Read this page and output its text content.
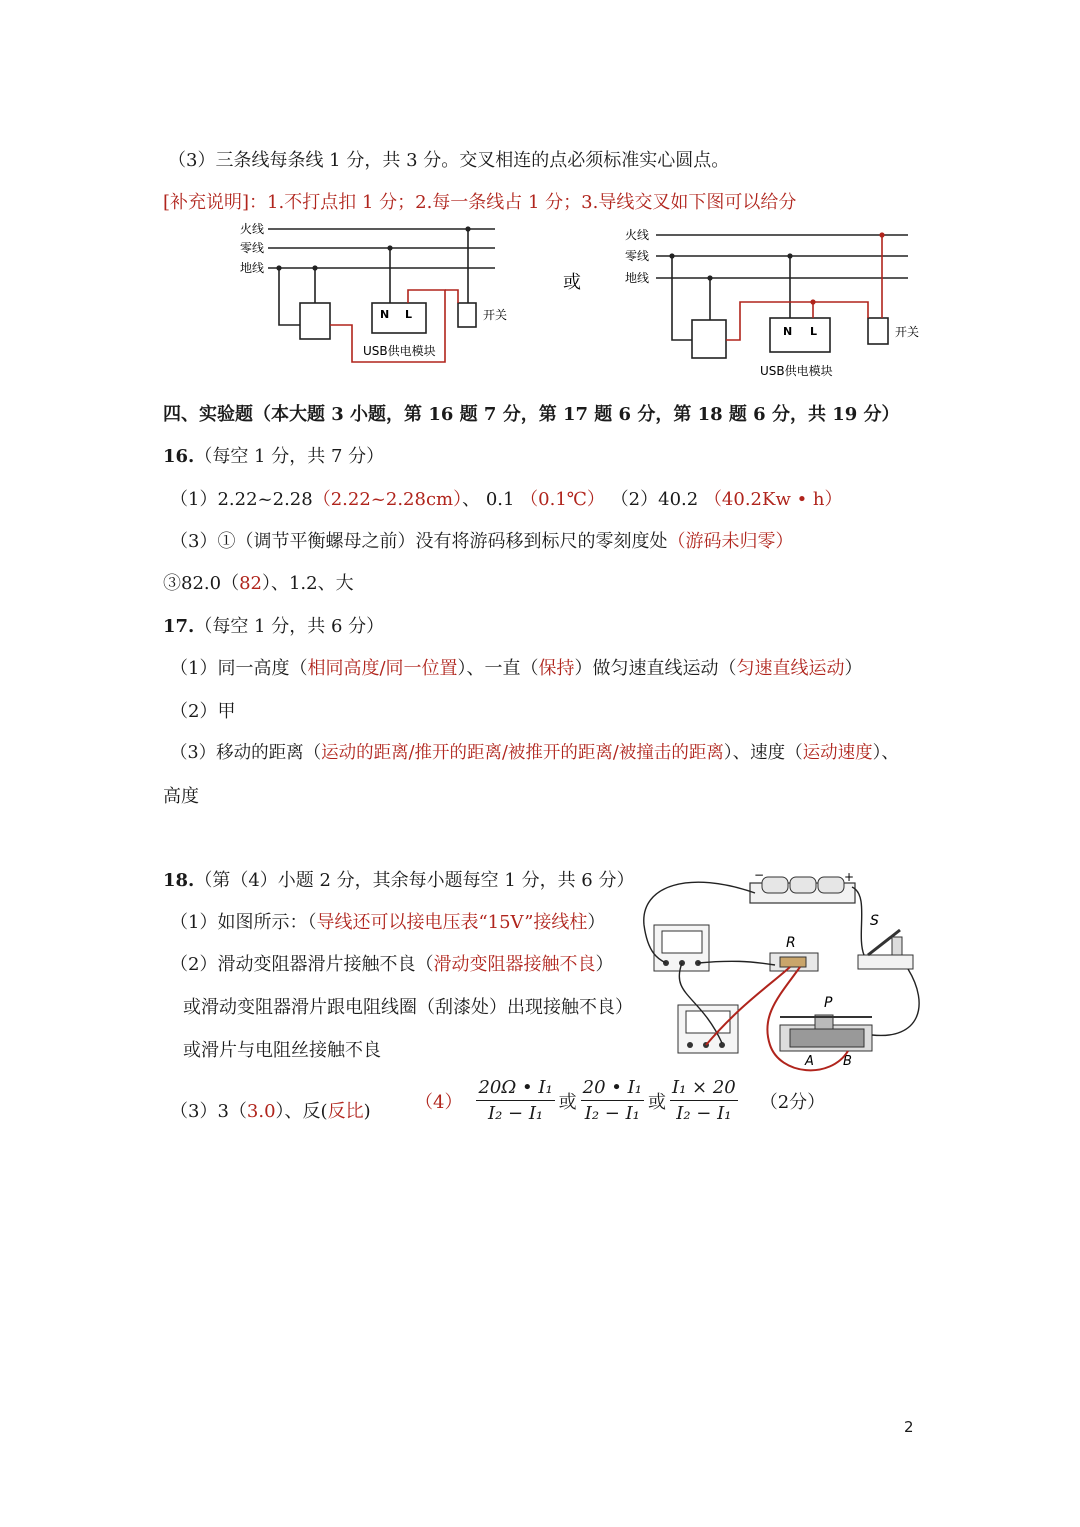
（3）三条线每条线 1 分，共 3 分。交叉相连的点必须标准实心圆点。
[补充说明]：1.不打点扣 1 分；2.每一条线占 1 分；3.导线交叉如下图可以给分
火线
零线
地线
N L	开关
USB供电模块
或
火线
零线
地线
N L	开关
USB供电模块
四、实验题（本大题 3 小题，第 16 题 7 分，第 17 题 6 分，第 18 题 6 分，共 19 分）
16.（每空 1 分，共 7 分）
（1）2.22~2.28（2.22~2.28cm）、 0.1 （0.1℃） （2）40.2 （40.2Kw • h）
（3）①（调节平衡螺母之前）没有将游码移到标尺的零刻度处（游码未归零）
③82.0（82）、1.2、大
17.（每空 1 分，共 6 分）
（1）同一高度（相同高度/同一位置）、一直（保持）做匀速直线运动（匀速直线运动）
（2）甲
（3）移动的距离（运动的距离/推开的距离/被推开的距离/被撞击的距离）、速度（运动速度）、
高度
18.（第（4）小题 2 分，其余每小题每空 1 分，共 6 分）
（1）如图所示：（导线还可以接电压表“15V”接线柱）
（2）滑动变阻器滑片接触不良（滑动变阻器接触不良）
或滑动变阻器滑片跟电阻线圈（刮漆处）出现接触不良）
或滑片与电阻丝接触不良
（3）3（3.0）、反(反比) $(4) \frac{\text{20Ω • I₁}}{\text{I₂ − I₁}}$ 或 $\frac{\text{20 • I₁}}{\text{I₂ − I₁}}$ 或 $\frac{\text{I₁ × 20}}{\text{I₂ − I₁}} (2$分）
−	+
S
R
P
A B
2
